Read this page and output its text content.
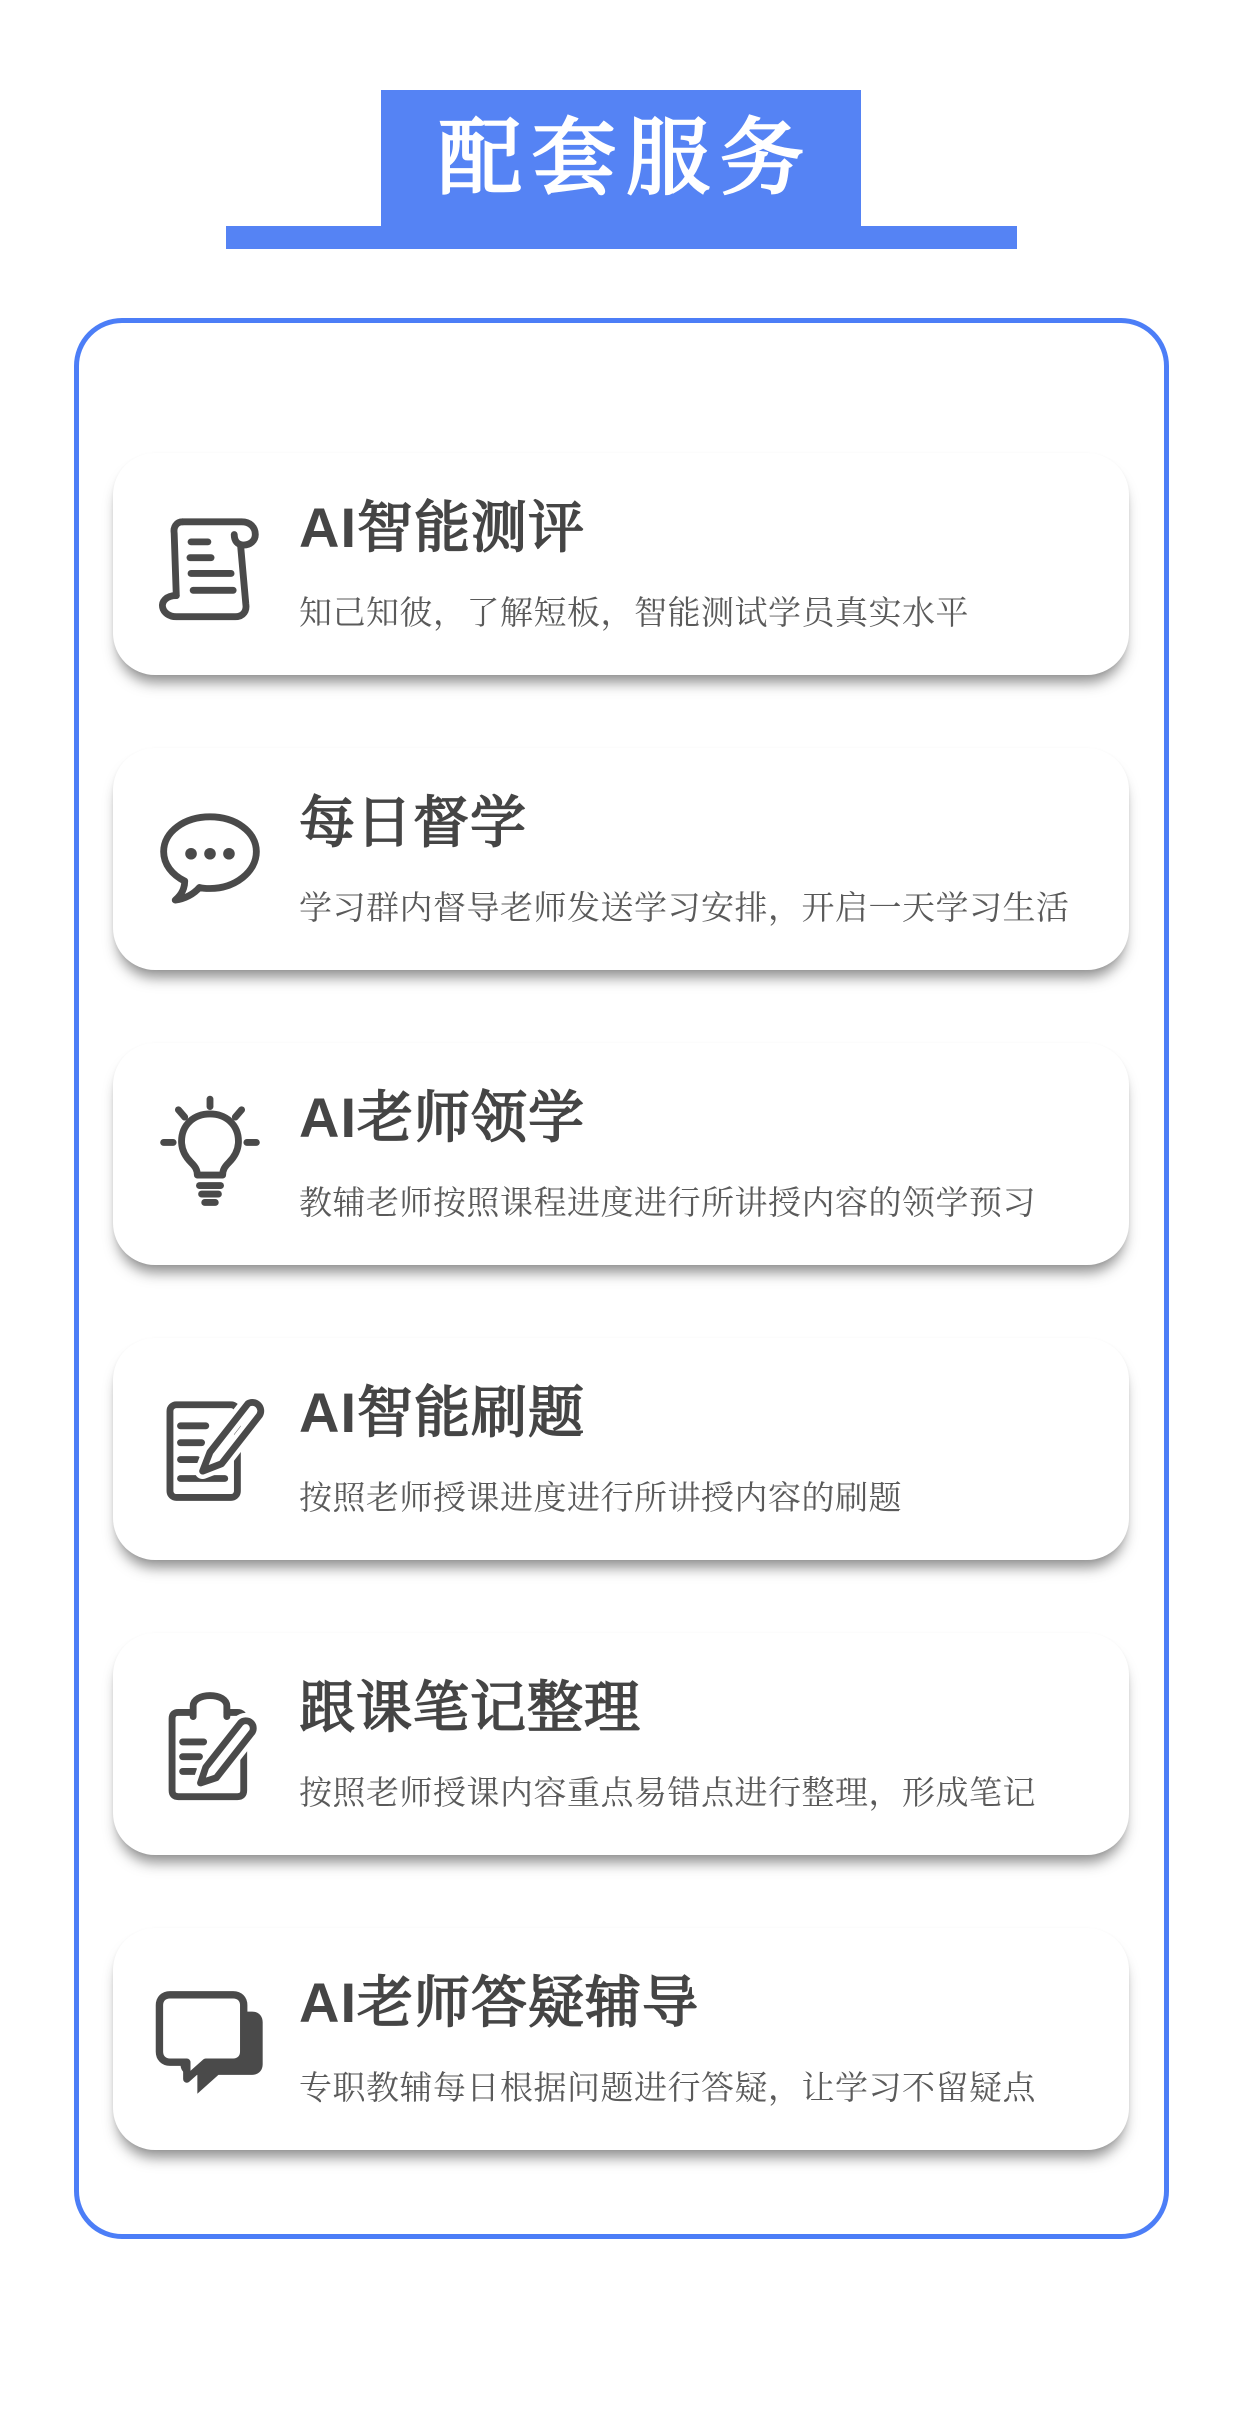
配套服务
AI智能测评
知己知彼，了解短板，智能测试学员真实水平
每日督学
学习群内督导老师发送学习安排，开启一天学习生活
AI老师领学
教辅老师按照课程进度进行所讲授内容的领学预习
AI智能刷题
按照老师授课进度进行所讲授内容的刷题
跟课笔记整理
按照老师授课内容重点易错点进行整理，形成笔记
AI老师答疑辅导
专职教辅每日根据问题进行答疑，让学习不留疑点
